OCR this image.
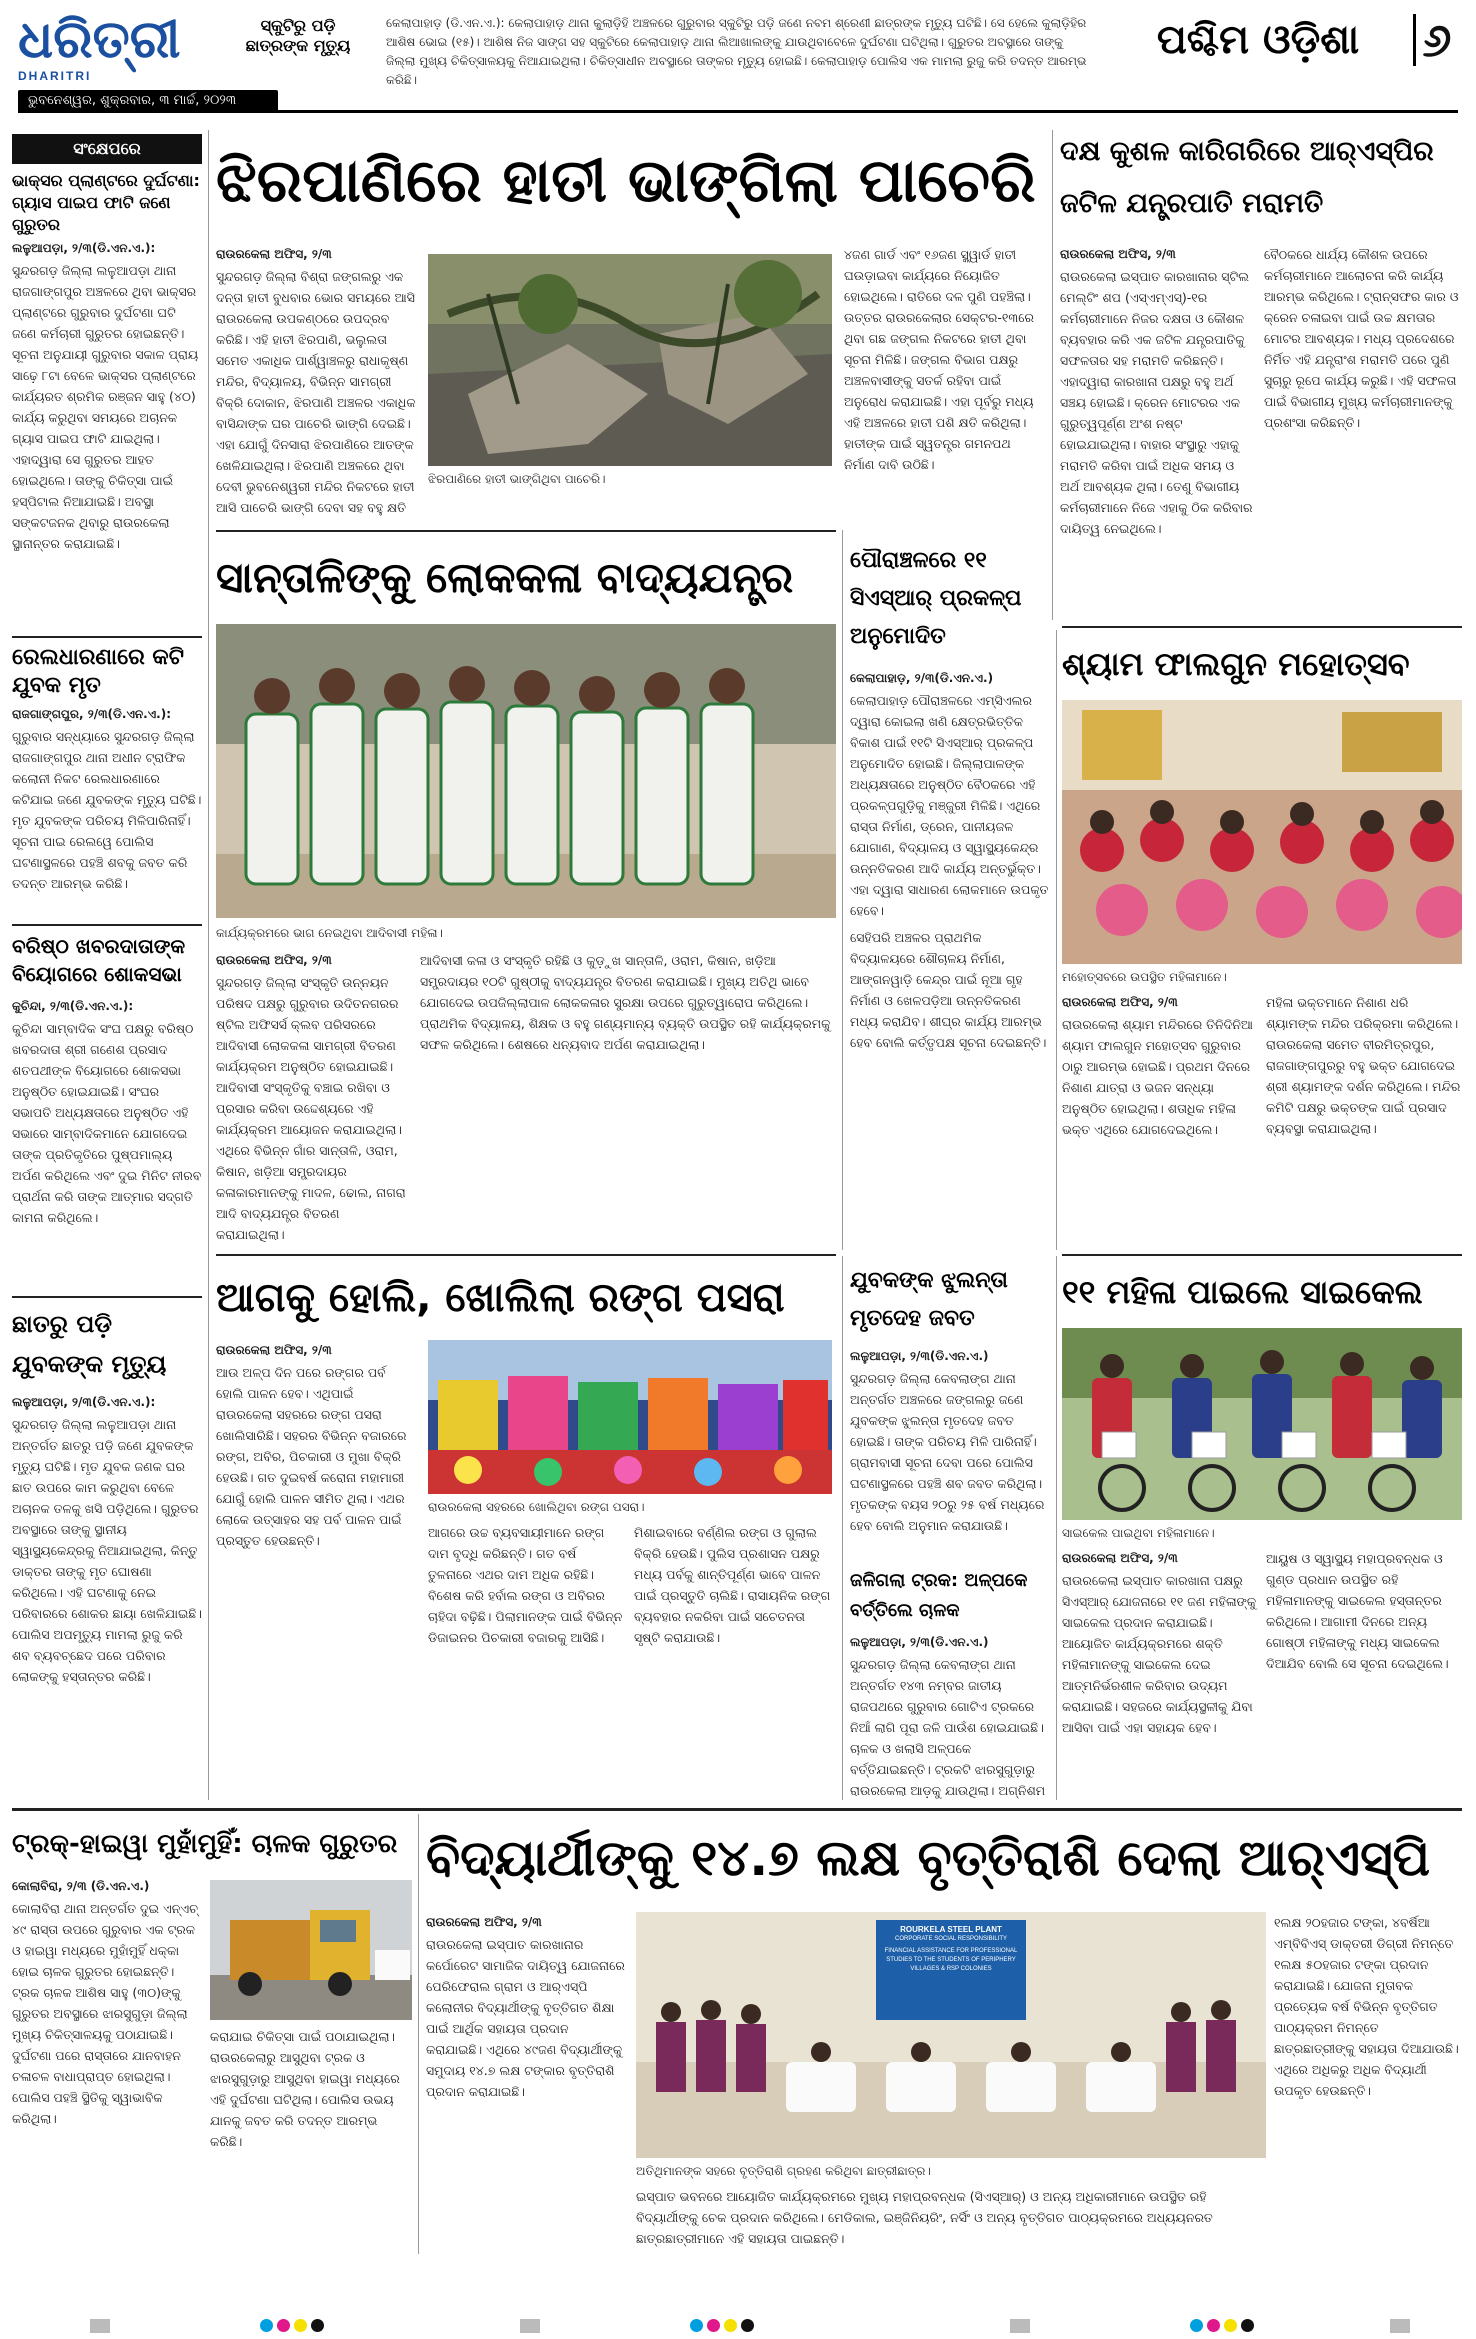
ଧରିତ୍ରୀ
DHARITRI
ସ୍କୁଟିରୁ ପଡ଼ି
ଛାତ୍ରଙ୍କ ମୃତ୍ୟୁ
କେଲାପାହାଡ଼ (ଡି.ଏନ.ଏ.): କେଲାପାହାଡ଼ ଥାନା କୁଲାଡ଼ିହି ଅଞ୍ଚଳରେ ଗୁରୁବାର ସ୍କୁଟିରୁ ପଡ଼ି ଜଣେ ନବମ ଶ୍ରେଣୀ ଛାତ୍ରଙ୍କ ମୃତ୍ୟୁ ଘଟିଛି। ସେ ହେଲେ କୁଲାଡ଼ିହିର ଆଶିଷ ଭୋଇ (୧୫)। ଆଶିଷ ନିଜ ସାଙ୍ଗ ସହ ସ୍କୁଟିରେ କେଲାପାହାଡ଼ ଥାନା ଲିଆଖାଲଙ୍କୁ ଯାଉଥିବାବେଳେ ଦୁର୍ଘଟଣା ଘଟିଥିଲା। ଗୁରୁତର ଅବସ୍ଥାରେ ତାଙ୍କୁ ଜିଲ୍ଲା ମୁଖ୍ୟ ଚିକିତ୍ସାଳୟକୁ ନିଆଯାଇଥିଲା। ଚିକିତ୍ସାଧୀନ ଅବସ୍ଥାରେ ତାଙ୍କର ମୃତ୍ୟୁ ହୋଇଛି। କେଲାପାହାଡ଼ ପୋଲିସ ଏକ ମାମଲା ରୁଜୁ କରି ତଦନ୍ତ ଆରମ୍ଭ କରିଛି।
ପଶ୍ଚିମ ଓଡ଼ିଶା	୬
ଭୁବନେଶ୍ୱର, ଶୁକ୍ରବାର, ୩ ମାର୍ଚ୍ଚ, ୨୦୨୩
ସଂକ୍ଷେପରେ
ଭାକ୍ସର ପ୍ଲାଣ୍ଟରେ ଦୁର୍ଘଟଣା: ଗ୍ୟାସ ପାଇପ ଫାଟି ଜଣେ ଗୁରୁତର
ଲଳୁଆପଡ଼ା, ୨/୩(ଡି.ଏନ.ଏ.):
ସୁନ୍ଦରଗଡ଼ ଜିଲ୍ଲା ଲଳୁଆପଡ଼ା ଥାନା ରାଜଗାଙ୍ଗପୁର ଅଞ୍ଚଳରେ ଥିବା ଭାକ୍ସର ପ୍ଲାଣ୍ଟରେ ଗୁରୁବାର ଦୁର୍ଘଟଣା ଘଟି ଜଣେ କର୍ମଚାରୀ ଗୁରୁତର ହୋଇଛନ୍ତି। ସୂଚନା ଅନୁଯାୟୀ ଗୁରୁବାର ସକାଳ ପ୍ରାୟ ସାଢ଼େ ୮ଟା ବେଳେ ଭାକ୍ସର ପ୍ଲାଣ୍ଟରେ କାର୍ଯ୍ୟରତ ଶ୍ରମିକ ରଞ୍ଜନ ସାହୁ (୪୦) କାର୍ଯ୍ୟ କରୁଥିବା ସମୟରେ ଅଚାନକ ଗ୍ୟାସ ପାଇପ ଫାଟି ଯାଇଥିଲା। ଏହାଦ୍ୱାରା ସେ ଗୁରୁତର ଆହତ ହୋଇଥିଲେ। ତାଙ୍କୁ ଚିକିତ୍ସା ପାଇଁ ହସ୍ପିଟାଲ ନିଆଯାଇଛି। ଅବସ୍ଥା ସଙ୍କଟଜନକ ଥିବାରୁ ରାଉରକେଲା ସ୍ଥାନାନ୍ତର କରାଯାଇଛି।
ରେଲଧାରଣାରେ କଟି ଯୁବକ ମୃତ
ରାଜଗାଙ୍ଗପୁର, ୨/୩(ଡି.ଏନ.ଏ.):
ଗୁରୁବାର ସନ୍ଧ୍ୟାରେ ସୁନ୍ଦରଗଡ଼ ଜିଲ୍ଲା ରାଜଗାଙ୍ଗପୁର ଥାନା ଅଧୀନ ଟ୍ରାଫିକ କଲୋନୀ ନିକଟ ରେଲଧାରଣାରେ କଟିଯାଇ ଜଣେ ଯୁବକଙ୍କ ମୃତ୍ୟୁ ଘଟିଛି। ମୃତ ଯୁବକଙ୍କ ପରିଚୟ ମିଳିପାରିନାହିଁ। ସୂଚନା ପାଇ ରେଲୱେ ପୋଲିସ ଘଟଣାସ୍ଥଳରେ ପହଞ୍ଚି ଶବକୁ ଜବତ କରି ତଦନ୍ତ ଆରମ୍ଭ କରିଛି।
ବରିଷ୍ଠ ଖବରଦାତାଙ୍କ ବିୟୋଗରେ ଶୋକସଭା
କୁଚିନ୍ଦା, ୨/୩(ଡି.ଏନ.ଏ.):
କୁଚିନ୍ଦା ସାମ୍ବାଦିକ ସଂଘ ପକ୍ଷରୁ ବରିଷ୍ଠ ଖବରଦାତା ଶ୍ରୀ ଗଣେଶ ପ୍ରସାଦ ଶତପଥୀଙ୍କ ବିୟୋଗରେ ଶୋକସଭା ଅନୁଷ୍ଠିତ ହୋଇଯାଇଛି। ସଂଘର ସଭାପତି ଅଧ୍ୟକ୍ଷତାରେ ଅନୁଷ୍ଠିତ ଏହି ସଭାରେ ସାମ୍ବାଦିକମାନେ ଯୋଗଦେଇ ତାଙ୍କ ପ୍ରତିକୃତିରେ ପୁଷ୍ପମାଲ୍ୟ ଅର୍ପଣ କରିଥିଲେ ଏବଂ ଦୁଇ ମିନିଟ ନୀରବ ପ୍ରାର୍ଥନା କରି ତାଙ୍କ ଆତ୍ମାର ସଦ୍‌ଗତି କାମନା କରିଥିଲେ।
ଛାତରୁ ପଡ଼ି ଯୁବକଙ୍କ ମୃତ୍ୟୁ
ଲଳୁଆପଡ଼ା, ୨/୩(ଡି.ଏନ.ଏ.):
ସୁନ୍ଦରଗଡ଼ ଜିଲ୍ଲା ଲଳୁଆପଡ଼ା ଥାନା ଅନ୍ତର୍ଗତ ଛାତରୁ ପଡ଼ି ଜଣେ ଯୁବକଙ୍କ ମୃତ୍ୟୁ ଘଟିଛି। ମୃତ ଯୁବକ ଜଣକ ଘର ଛାତ ଉପରେ କାମ କରୁଥିବା ବେଳେ ଅଚାନକ ତଳକୁ ଖସି ପଡ଼ିଥିଲେ। ଗୁରୁତର ଅବସ୍ଥାରେ ତାଙ୍କୁ ସ୍ଥାନୀୟ ସ୍ୱାସ୍ଥ୍ୟକେନ୍ଦ୍ରକୁ ନିଆଯାଇଥିଲା, କିନ୍ତୁ ଡାକ୍ତର ତାଙ୍କୁ ମୃତ ଘୋଷଣା କରିଥିଲେ। ଏହି ଘଟଣାକୁ ନେଇ ପରିବାରରେ ଶୋକର ଛାୟା ଖେଳିଯାଇଛି। ପୋଲିସ ଅପମୃତ୍ୟୁ ମାମଲା ରୁଜୁ କରି ଶବ ବ୍ୟବଚ୍ଛେଦ ପରେ ପରିବାର ଲୋକଙ୍କୁ ହସ୍ତାନ୍ତର କରିଛି।
ଝିରପାଣିରେ ହାତୀ ଭାଙ୍ଗିଲା ପାଚେରି
ରାଉରକେଲା ଅଫିସ, ୨/୩
ସୁନ୍ଦରଗଡ଼ ଜିଲ୍ଲା ବିଶ୍ରା ଜଙ୍ଗଲରୁ ଏକ ଦନ୍ତା ହାତୀ ବୁଧବାର ଭୋର ସମୟରେ ଆସି ରାଉରକେଲା ଉପକଣ୍ଠରେ ଉପଦ୍ରବ କରିଛି। ଏହି ହାତୀ ଝିରପାଣି, ଭଲୁଲତା ସମେତ ଏକାଧିକ ପାର୍ଶ୍ୱାଞ୍ଚଳରୁ ରାଧାକୃଷ୍ଣ ମନ୍ଦିର, ବିଦ୍ୟାଳୟ, ବିଭିନ୍ନ ସାମଗ୍ରୀ ବିକ୍ରି ଦୋକାନ, ଝିରପାଣି ଅଞ୍ଚଳର ଏକାଧିକ ବାସିନ୍ଦାଙ୍କ ଘର ପାଚେରି ଭାଙ୍ଗି ଦେଇଛି। ଏହା ଯୋଗୁଁ ଦିନସାରା ଝିରପାଣିରେ ଆତଙ୍କ ଖେଳିଯାଇଥିଲା। ଝିରପାଣି ଅଞ୍ଚଳରେ ଥିବା ଦେବୀ ଭୁବନେଶ୍ୱରୀ ମନ୍ଦିର ନିକଟରେ ହାତୀ ଆସି ପାଚେରି ଭାଙ୍ଗି ଦେବା ସହ ବହୁ କ୍ଷତି
ଝିରପାଣିରେ ହାତୀ ଭାଙ୍ଗିଥିବା ପାଚେରି।
୪ଜଣ ଗାର୍ଡ ଏବଂ ୧୬ଜଣ ସ୍କ୍ୱାର୍ଡ ହାତୀ ଘଉଡ଼ାଇବା କାର୍ଯ୍ୟରେ ନିୟୋଜିତ ହୋଇଥିଲେ। ରାତିରେ ଦଳ ପୁଣି ପହଞ୍ଚିଲା। ଉତ୍ତର ରାଉରକେଲାର ସେକ୍ଟର-୧୩ରେ ଥିବା ଗଛ ଜଙ୍ଗଲ ନିକଟରେ ହାତୀ ଥିବା ସୂଚନା ମିଳିଛି। ଜଙ୍ଗଲ ବିଭାଗ ପକ୍ଷରୁ ଅଞ୍ଚଳବାସୀଙ୍କୁ ସତର୍କ ରହିବା ପାଇଁ ଅନୁରୋଧ କରାଯାଇଛି। ଏହା ପୂର୍ବରୁ ମଧ୍ୟ ଏହି ଅଞ୍ଚଳରେ ହାତୀ ପଶି କ୍ଷତି କରିଥିଲା। ହାତୀଙ୍କ ପାଇଁ ସ୍ୱତନ୍ତ୍ର ଗମନପଥ ନିର୍ମାଣ ଦାବି ଉଠିଛି।
ଦକ୍ଷ କୁଶଳ କାରିଗରିରେ ଆର୍‌ଏସ୍‌ପିର ଜଟିଳ ଯନ୍ତ୍ରପାତି ମରାମତି
ରାଉରକେଲା ଅଫିସ, ୨/୩
ରାଉରକେଲା ଇସ୍ପାତ କାରଖାନାର ସ୍ଟିଲ ମେଲ୍ଟିଂ ଶପ (ଏସ୍‌ଏମ୍‌ଏସ୍‌)-୧ର କର୍ମଚାରୀମାନେ ନିଜର ଦକ୍ଷତା ଓ କୌଶଳ ବ୍ୟବହାର କରି ଏକ ଜଟିଳ ଯନ୍ତ୍ରପାତିକୁ ସଫଳତାର ସହ ମରାମତି କରିଛନ୍ତି। ଏହାଦ୍ୱାରା କାରଖାନା ପକ୍ଷରୁ ବହୁ ଅର୍ଥ ସଞ୍ଚୟ ହୋଇଛି। କ୍ରେନ ମୋଟରର ଏକ ଗୁରୁତ୍ୱପୂର୍ଣ୍ଣ ଅଂଶ ନଷ୍ଟ ହୋଇଯାଇଥିଲା। ବାହାର ସଂସ୍ଥାରୁ ଏହାକୁ ମରାମତି କରିବା ପାଇଁ ଅଧିକ ସମୟ ଓ ଅର୍ଥ ଆବଶ୍ୟକ ଥିଲା। ତେଣୁ ବିଭାଗୀୟ କର୍ମଚାରୀମାନେ ନିଜେ ଏହାକୁ ଠିକ କରିବାର ଦାୟିତ୍ୱ ନେଇଥିଲେ।
ବୈଠକରେ ଧାର୍ଯ୍ୟ କୌଶଳ ଉପରେ କର୍ମଚାରୀମାନେ ଆଲୋଚନା କରି କାର୍ଯ୍ୟ ଆରମ୍ଭ କରିଥିଲେ। ଟ୍ରାନ୍ସଫର କାର ଓ କ୍ରେନ ଚଳାଇବା ପାଇଁ ଉଚ୍ଚ କ୍ଷମତାର ମୋଟର ଆବଶ୍ୟକ। ମଧ୍ୟ ପ୍ରଦେଶରେ ନିର୍ମିତ ଏହି ଯନ୍ତ୍ରାଂଶ ମରାମତି ପରେ ପୁଣି ସୁଚାରୁ ରୂପେ କାର୍ଯ୍ୟ କରୁଛି। ଏହି ସଫଳତା ପାଇଁ ବିଭାଗୀୟ ମୁଖ୍ୟ କର୍ମଚାରୀମାନଙ୍କୁ ପ୍ରଶଂସା କରିଛନ୍ତି।
ସାନ୍ତାଳିଙ୍କୁ ଲୋକକଳା ବାଦ୍ୟଯନ୍ତ୍ର
କାର୍ଯ୍ୟକ୍ରମରେ ଭାଗ ନେଇଥିବା ଆଦିବାସୀ ମହିଳା।
ରାଉରକେଲା ଅଫିସ, ୨/୩
ସୁନ୍ଦରଗଡ଼ ଜିଲ୍ଲା ସଂସ୍କୃତି ଉନ୍ନୟନ ପରିଷଦ ପକ୍ଷରୁ ଗୁରୁବାର ଉଦିତନଗରର ଷ୍ଟିଲ ଅଫିସର୍ସ କ୍ଲବ ପରିସରରେ ଆଦିବାସୀ ଲୋକକଳା ସାମଗ୍ରୀ ବିତରଣ କାର୍ଯ୍ୟକ୍ରମ ଅନୁଷ୍ଠିତ ହୋଇଯାଇଛି। ଆଦିବାସୀ ସଂସ୍କୃତିକୁ ବଞ୍ଚାଇ ରଖିବା ଓ ପ୍ରସାର କରିବା ଉଦ୍ଦେଶ୍ୟରେ ଏହି କାର୍ଯ୍ୟକ୍ରମ ଆୟୋଜନ କରାଯାଇଥିଲା। ଏଥିରେ ବିଭିନ୍ନ ଗାଁର ସାନ୍ତାଳି, ଓରାମ, କିଷାନ, ଖଡ଼ିଆ ସମ୍ପ୍ରଦାୟର କଳାକାରମାନଙ୍କୁ ମାଦଳ, ଢୋଲ, ନାଗରା ଆଦି ବାଦ୍ୟଯନ୍ତ୍ର ବିତରଣ କରାଯାଇଥିଲା।
ଆଦିବାସୀ କଳା ଓ ସଂସ୍କୃତି ରହିଛି ଓ କୁଡ଼ୁଖ ସାନ୍ତାଳି, ଓରାମ, କିଷାନ, ଖଡ଼ିଆ ସମ୍ପ୍ରଦାୟର ୧୦ଟି ଗୁଷ୍ଠୀକୁ ବାଦ୍ୟଯନ୍ତ୍ର ବିତରଣ କରାଯାଇଛି। ମୁଖ୍ୟ ଅତିଥି ଭାବେ ଯୋଗଦେଇ ଉପଜିଲ୍ଲାପାଳ ଲୋକକଳାର ସୁରକ୍ଷା ଉପରେ ଗୁରୁତ୍ୱାରୋପ କରିଥିଲେ। ପ୍ରାଥମିକ ବିଦ୍ୟାଳୟ, ଶିକ୍ଷକ ଓ ବହୁ ଗଣ୍ୟମାନ୍ୟ ବ୍ୟକ୍ତି ଉପସ୍ଥିତ ରହି କାର୍ଯ୍ୟକ୍ରମକୁ ସଫଳ କରିଥିଲେ। ଶେଷରେ ଧନ୍ୟବାଦ ଅର୍ପଣ କରାଯାଇଥିଲା।
ପୌରାଞ୍ଚଳରେ ୧୧ ସିଏସ୍‌ଆର୍ ପ୍ରକଳ୍ପ ଅନୁମୋଦିତ
କେଲାପାହାଡ଼, ୨/୩(ଡି.ଏନ.ଏ.)
କେଲାପାହାଡ଼ ପୌରାଞ୍ଚଳରେ ଏମ୍‌ସିଏଲର ଦ୍ୱାରା କୋଇଲା ଖଣି କ୍ଷେତ୍ରଭିତ୍ତିକ ବିକାଶ ପାଇଁ ୧୧ଟି ସିଏସ୍‌ଆର୍ ପ୍ରକଳ୍ପ ଅନୁମୋଦିତ ହୋଇଛି। ଜିଲ୍ଲାପାଳଙ୍କ ଅଧ୍ୟକ୍ଷତାରେ ଅନୁଷ୍ଠିତ ବୈଠକରେ ଏହି ପ୍ରକଳ୍ପଗୁଡ଼ିକୁ ମଞ୍ଜୁରୀ ମିଳିଛି। ଏଥିରେ ରାସ୍ତା ନିର୍ମାଣ, ଡ୍ରେନ, ପାନୀୟଜଳ ଯୋଗାଣ, ବିଦ୍ୟାଳୟ ଓ ସ୍ୱାସ୍ଥ୍ୟକେନ୍ଦ୍ର ଉନ୍ନତିକରଣ ଆଦି କାର୍ଯ୍ୟ ଅନ୍ତର୍ଭୁକ୍ତ। ଏହା ଦ୍ୱାରା ସାଧାରଣ ଲୋକମାନେ ଉପକୃତ ହେବେ।
ସେହିପରି ଅଞ୍ଚଳର ପ୍ରାଥମିକ ବିଦ୍ୟାଳୟରେ ଶୌଚାଳୟ ନିର୍ମାଣ, ଆଙ୍ଗନୱାଡ଼ି କେନ୍ଦ୍ର ପାଇଁ ନୂଆ ଗୃହ ନିର୍ମାଣ ଓ ଖେଳପଡ଼ିଆ ଉନ୍ନତିକରଣ ମଧ୍ୟ କରାଯିବ। ଶୀଘ୍ର କାର୍ଯ୍ୟ ଆରମ୍ଭ ହେବ ବୋଲି କର୍ତ୍ତୃପକ୍ଷ ସୂଚନା ଦେଇଛନ୍ତି।
ଶ୍ୟାମ ଫାଲଗୁନ ମହୋତ୍ସବ
ମହୋତ୍ସବରେ ଉପସ୍ଥିତ ମହିଳାମାନେ।
ରାଉରକେଲା ଅଫିସ, ୨/୩
ରାଉରକେଲା ଶ୍ୟାମ ମନ୍ଦିରରେ ତିନିଦିନିଆ ଶ୍ୟାମ ଫାଲଗୁନ ମହୋତ୍ସବ ଗୁରୁବାର ଠାରୁ ଆରମ୍ଭ ହୋଇଛି। ପ୍ରଥମ ଦିନରେ ନିଶାଣ ଯାତ୍ରା ଓ ଭଜନ ସନ୍ଧ୍ୟା ଅନୁଷ୍ଠିତ ହୋଇଥିଲା। ଶତାଧିକ ମହିଳା ଭକ୍ତ ଏଥିରେ ଯୋଗଦେଇଥିଲେ।
ମହିଳା ଭକ୍ତମାନେ ନିଶାଣ ଧରି ଶ୍ୟାମଙ୍କ ମନ୍ଦିର ପରିକ୍ରମା କରିଥିଲେ। ରାଉରକେଲା ସମେତ ବୀରମିତ୍ରପୁର, ରାଜଗାଙ୍ଗପୁରରୁ ବହୁ ଭକ୍ତ ଯୋଗଦେଇ ଶ୍ରୀ ଶ୍ୟାମଙ୍କ ଦର୍ଶନ କରିଥିଲେ। ମନ୍ଦିର କମିଟି ପକ୍ଷରୁ ଭକ୍ତଙ୍କ ପାଇଁ ପ୍ରସାଦ ବ୍ୟବସ୍ଥା କରାଯାଇଥିଲା।
ଆଗକୁ ହୋଲି, ଖୋଲିଲା ରଙ୍ଗ ପସରା
ରାଉରକେଲା ଅଫିସ, ୨/୩
ଆଉ ଅଳ୍ପ ଦିନ ପରେ ରଙ୍ଗର ପର୍ବ ହୋଲି ପାଳନ ହେବ। ଏଥିପାଇଁ ରାଉରକେଲା ସହରରେ ରଙ୍ଗ ପସରା ଖୋଲିସାରିଛି। ସହରର ବିଭିନ୍ନ ବଜାରରେ ରଙ୍ଗ, ଅବିର, ପିଚକାରୀ ଓ ମୁଖା ବିକ୍ରି ହେଉଛି। ଗତ ଦୁଇବର୍ଷ କରୋନା ମହାମାରୀ ଯୋଗୁଁ ହୋଲି ପାଳନ ସୀମିତ ଥିଲା। ଏଥର ଲୋକେ ଉତ୍ସାହର ସହ ପର୍ବ ପାଳନ ପାଇଁ ପ୍ରସ୍ତୁତ ହେଉଛନ୍ତି।
ରାଉରକେଲା ସହରରେ ଖୋଲିଥିବା ରଙ୍ଗ ପସରା।
ଆଗରେ ଉଚ୍ଚ ବ୍ୟବସାୟୀମାନେ ରଙ୍ଗ ଦାମ ବୃଦ୍ଧି କରିଛନ୍ତି। ଗତ ବର୍ଷ ତୁଳନାରେ ଏଥର ଦାମ ଅଧିକ ରହିଛି। ବିଶେଷ କରି ହର୍ବାଲ ରଙ୍ଗ ଓ ଅବିରର ଚାହିଦା ବଢ଼ିଛି। ପିଲାମାନଙ୍କ ପାଇଁ ବିଭିନ୍ନ ଡିଜାଇନର ପିଚକାରୀ ବଜାରକୁ ଆସିଛି।
ମିଶାଇବାରେ ବର୍ଣ୍ଣିଲ ରଙ୍ଗ ଓ ଗୁଲାଲ ବିକ୍ରି ହେଉଛି। ପୁଲିସ ପ୍ରଶାସନ ପକ୍ଷରୁ ମଧ୍ୟ ପର୍ବକୁ ଶାନ୍ତିପୂର୍ଣ୍ଣ ଭାବେ ପାଳନ ପାଇଁ ପ୍ରସ୍ତୁତି ଚାଲିଛି। ରାସାୟନିକ ରଙ୍ଗ ବ୍ୟବହାର ନକରିବା ପାଇଁ ସଚେତନତା ସୃଷ୍ଟି କରାଯାଉଛି।
ଯୁବକଙ୍କ ଝୁଲନ୍ତା ମୃତଦେହ ଜବତ
ଲଳୁଆପଡ଼ା, ୨/୩(ଡି.ଏନ.ଏ.)
ସୁନ୍ଦରଗଡ଼ ଜିଲ୍ଲା କେବଲାଙ୍ଗ ଥାନା ଅନ୍ତର୍ଗତ ଅଞ୍ଚଳରେ ଜଙ୍ଗଲରୁ ଜଣେ ଯୁବକଙ୍କ ଝୁଲନ୍ତା ମୃତଦେହ ଜବତ ହୋଇଛି। ତାଙ୍କ ପରିଚୟ ମିଳି ପାରିନାହିଁ। ଗ୍ରାମବାସୀ ସୂଚନା ଦେବା ପରେ ପୋଲିସ ଘଟଣାସ୍ଥଳରେ ପହଞ୍ଚି ଶବ ଜବତ କରିଥିଲା। ମୃତକଙ୍କ ବୟସ ୨୦ରୁ ୨୫ ବର୍ଷ ମଧ୍ୟରେ ହେବ ବୋଲି ଅନୁମାନ କରାଯାଉଛି।
ଜଳିଗଲା ଟ୍ରକ: ଅଳ୍ପକେ ବର୍ତ୍ତିଲେ ଚାଳକ
ଲଳୁଆପଡ଼ା, ୨/୩(ଡି.ଏନ.ଏ.)
ସୁନ୍ଦରଗଡ଼ ଜିଲ୍ଲା କେବଲାଙ୍ଗ ଥାନା ଅନ୍ତର୍ଗତ ୧୪୩ ନମ୍ବର ଜାତୀୟ ରାଜପଥରେ ଗୁରୁବାର ଗୋଟିଏ ଟ୍ରକରେ ନିଆଁ ଲାଗି ପୂରା ଜଳି ପାଉଁଶ ହୋଇଯାଇଛି। ଚାଳକ ଓ ଖଲାସି ଅଳ୍ପକେ ବର୍ତ୍ତିଯାଇଛନ୍ତି। ଟ୍ରକଟି ଝାରସୁଗୁଡ଼ାରୁ ରାଉରକେଲା ଆଡ଼କୁ ଯାଉଥିଲା। ଅଗ୍ନିଶମ
୧୧ ମହିଳା ପାଇଲେ ସାଇକେଲ
ସାଇକେଲ ପାଇଥିବା ମହିଳାମାନେ।
ରାଉରକେଲା ଅଫିସ, ୨/୩
ରାଉରକେଲା ଇସ୍ପାତ କାରଖାନା ପକ୍ଷରୁ ସିଏସ୍‌ଆର୍ ଯୋଜନାରେ ୧୧ ଜଣ ମହିଳାଙ୍କୁ ସାଇକେଲ ପ୍ରଦାନ କରାଯାଇଛି। ଆୟୋଜିତ କାର୍ଯ୍ୟକ୍ରମରେ ଶକ୍ତି ମହିଳାମାନଙ୍କୁ ସାଇକେଲ ଦେଇ ଆତ୍ମନିର୍ଭରଶୀଳ କରିବାର ଉଦ୍ୟମ କରାଯାଇଛି। ସହଜରେ କାର୍ଯ୍ୟସ୍ଥଳୀକୁ ଯିବା ଆସିବା ପାଇଁ ଏହା ସହାୟକ ହେବ।
ଆୟୁଷ ଓ ସ୍ୱାସ୍ଥ୍ୟ ମହାପ୍ରବନ୍ଧକ ଓ ଗୁଣ୍ଡ ପ୍ରଧାନ ଉପସ୍ଥିତ ରହି ମହିଳାମାନଙ୍କୁ ସାଇକେଲ ହସ୍ତାନ୍ତର କରିଥିଲେ। ଆଗାମୀ ଦିନରେ ଅନ୍ୟ ଗୋଷ୍ଠୀ ମହିଳାଙ୍କୁ ମଧ୍ୟ ସାଇକେଲ ଦିଆଯିବ ବୋଲି ସେ ସୂଚନା ଦେଇଥିଲେ।
ଟ୍ରକ୍-ହାଇୱା ମୁହାଁମୁହିଁ: ଚାଳକ ଗୁରୁତର
କୋଲାବିରା, ୨/୩ (ଡି.ଏନ.ଏ.)
କୋଲାବିରା ଥାନା ଅନ୍ତର୍ଗତ ଦୁଇ ଏନ୍‌ଏଚ୍ ୪୯ ରାସ୍ତା ଉପରେ ଗୁରୁବାର ଏକ ଟ୍ରକ ଓ ହାଇୱା ମଧ୍ୟରେ ମୁହାଁମୁହିଁ ଧକ୍କା ହୋଇ ଚାଳକ ଗୁରୁତର ହୋଇଛନ୍ତି। ଟ୍ରକ ଚାଳକ ଆଶିଷ ସାହୁ (୩୦)ଙ୍କୁ ଗୁରୁତର ଅବସ୍ଥାରେ ଝାରସୁଗୁଡ଼ା ଜିଲ୍ଲା ମୁଖ୍ୟ ଚିକିତ୍ସାଳୟକୁ ପଠାଯାଇଛି। ଦୁର୍ଘଟଣା ପରେ ରାସ୍ତାରେ ଯାନବାହନ ଚଳାଚଳ ବାଧାପ୍ରାପ୍ତ ହୋଇଥିଲା। ପୋଲିସ ପହଞ୍ଚି ସ୍ଥିତିକୁ ସ୍ୱାଭାବିକ କରିଥିଲା।
କରାଯାଇ ଚିକିତ୍ସା ପାଇଁ ପଠାଯାଇଥିଲା। ରାଉରକେଲାରୁ ଆସୁଥିବା ଟ୍ରକ ଓ ଝାରସୁଗୁଡ଼ାରୁ ଆସୁଥିବା ହାଇୱା ମଧ୍ୟରେ ଏହି ଦୁର୍ଘଟଣା ଘଟିଥିଲା। ପୋଲିସ ଉଭୟ ଯାନକୁ ଜବତ କରି ତଦନ୍ତ ଆରମ୍ଭ କରିଛି।
ବିଦ୍ୟାର୍ଥୀଙ୍କୁ ୧୪.୭ ଲକ୍ଷ ବୃତ୍ତିରାଶି ଦେଲା ଆର୍‌ଏସ୍‌ପି
ରାଉରକେଲା ଅଫିସ, ୨/୩
ରାଉରକେଲା ଇସ୍ପାତ କାରଖାନାର କର୍ପୋରେଟ ସାମାଜିକ ଦାୟିତ୍ୱ ଯୋଜନାରେ ପେରିଫେରାଲ ଗ୍ରାମ ଓ ଆର୍‌ଏସ୍‌ପି କଲୋନୀର ବିଦ୍ୟାର୍ଥୀଙ୍କୁ ବୃତ୍ତିଗତ ଶିକ୍ଷା ପାଇଁ ଆର୍ଥିକ ସହାୟତା ପ୍ରଦାନ କରାଯାଇଛି। ଏଥିରେ ୪୯ଜଣ ବିଦ୍ୟାର୍ଥୀଙ୍କୁ ସମୁଦାୟ ୧୪.୭ ଲକ୍ଷ ଟଙ୍କାର ବୃତ୍ତିରାଶି ପ୍ରଦାନ କରାଯାଇଛି।
ROURKELA STEEL PLANT
CORPORATE SOCIAL RESPONSIBILITY
FINANCIAL ASSISTANCE FOR PROFESSIONAL STUDIES TO THE STUDENTS OF PERIPHERY VILLAGES & RSP COLONIES
ଅତିଥିମାନଙ୍କ ସହରେ ବୃତ୍ତିରାଶି ଗ୍ରହଣ କରିଥିବା ଛାତ୍ରୀଛାତ୍ର।
ଇସ୍ପାତ ଭବନରେ ଆୟୋଜିତ କାର୍ଯ୍ୟକ୍ରମରେ ମୁଖ୍ୟ ମହାପ୍ରବନ୍ଧକ (ସିଏସ୍‌ଆର୍) ଓ ଅନ୍ୟ ଅଧିକାରୀମାନେ ଉପସ୍ଥିତ ରହି ବିଦ୍ୟାର୍ଥୀଙ୍କୁ ଚେକ ପ୍ରଦାନ କରିଥିଲେ। ମେଡିକାଲ, ଇଞ୍ଜିନିୟରିଂ, ନର୍ସିଂ ଓ ଅନ୍ୟ ବୃତ୍ତିଗତ ପାଠ୍ୟକ୍ରମରେ ଅଧ୍ୟୟନରତ ଛାତ୍ରଛାତ୍ରୀମାନେ ଏହି ସହାୟତା ପାଇଛନ୍ତି।
୧ଲକ୍ଷ ୨୦ହଜାର ଟଙ୍କା, ୪ବର୍ଷିଆ ଏମ୍‌ବିବିଏସ୍ ଡାକ୍ତରୀ ଡିଗ୍ରୀ ନିମନ୍ତେ ୧ଲକ୍ଷ ୫୦ହଜାର ଟଙ୍କା ପ୍ରଦାନ କରାଯାଇଛି। ଯୋଜନା ମୁତାବକ ପ୍ରତ୍ୟେକ ବର୍ଷ ବିଭିନ୍ନ ବୃତ୍ତିଗତ ପାଠ୍ୟକ୍ରମ ନିମନ୍ତେ ଛାତ୍ରଛାତ୍ରୀଙ୍କୁ ସହାୟତା ଦିଆଯାଉଛି। ଏଥିରେ ଅଧିକରୁ ଅଧିକ ବିଦ୍ୟାର୍ଥୀ ଉପକୃତ ହେଉଛନ୍ତି।
